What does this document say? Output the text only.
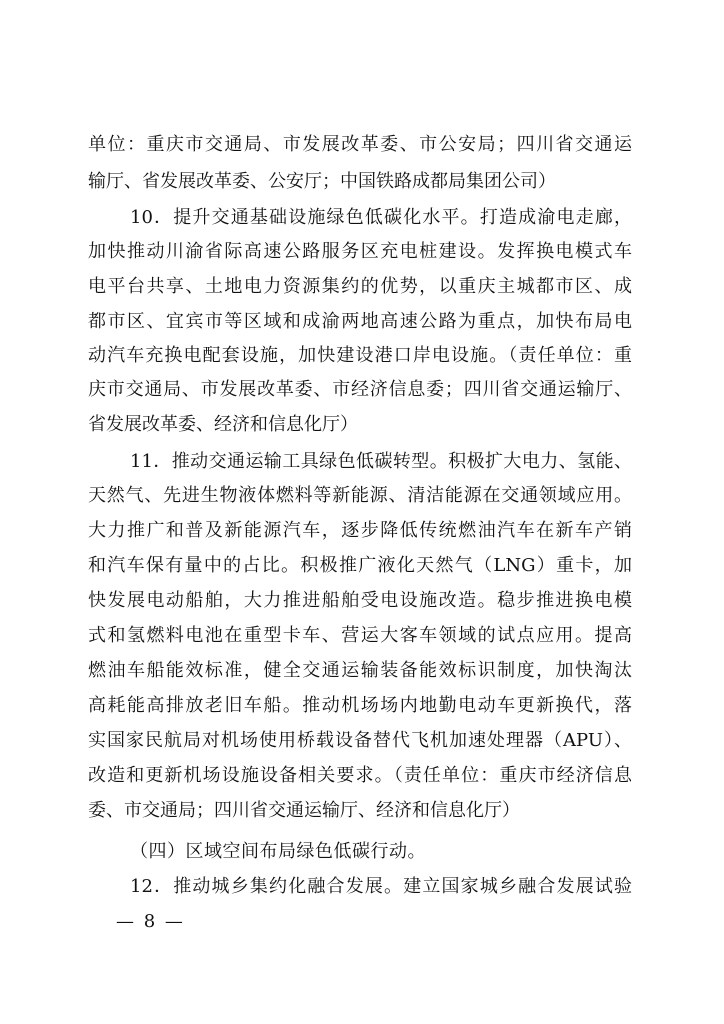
单位：重庆市交通局、市发展改革委、市公安局；四川省交通运
输厅、省发展改革委、公安厅；中国铁路成都局集团公司）
10．提升交通基础设施绿色低碳化水平。打造成渝电走廊，
加快推动川渝省际高速公路服务区充电桩建设。发挥换电模式车
电平台共享、土地电力资源集约的优势，以重庆主城都市区、成
都市区、宜宾市等区域和成渝两地高速公路为重点，加快布局电
动汽车充换电配套设施，加快建设港口岸电设施。（责任单位：重
庆市交通局、市发展改革委、市经济信息委；四川省交通运输厅、
省发展改革委、经济和信息化厅）
11．推动交通运输工具绿色低碳转型。积极扩大电力、氢能、
天然气、先进生物液体燃料等新能源、清洁能源在交通领域应用。
大力推广和普及新能源汽车，逐步降低传统燃油汽车在新车产销
和汽车保有量中的占比。积极推广液化天然气（LNG）重卡，加
快发展电动船舶，大力推进船舶受电设施改造。稳步推进换电模
式和氢燃料电池在重型卡车、营运大客车领域的试点应用。提高
燃油车船能效标准，健全交通运输装备能效标识制度，加快淘汰
高耗能高排放老旧车船。推动机场场内地勤电动车更新换代，落
实国家民航局对机场使用桥载设备替代飞机加速处理器（APU）、
改造和更新机场设施设备相关要求。（责任单位：重庆市经济信息
委、市交通局；四川省交通运输厅、经济和信息化厅）
（四）区域空间布局绿色低碳行动。
12．推动城乡集约化融合发展。建立国家城乡融合发展试验
— 8 —
